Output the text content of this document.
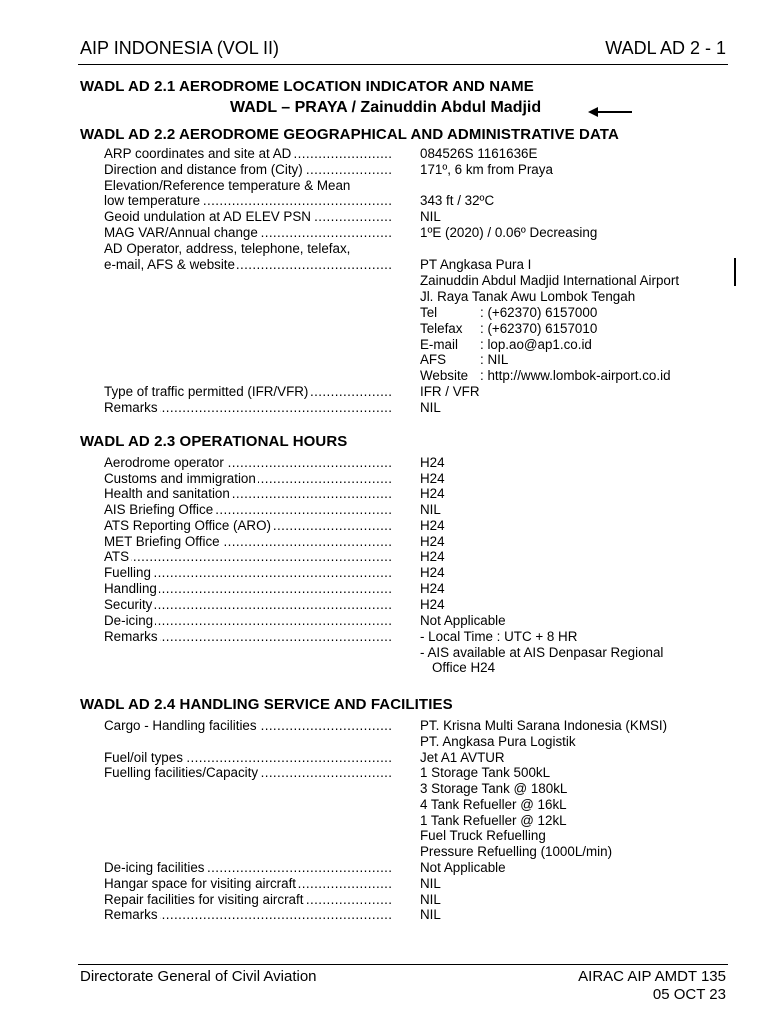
AIP INDONESIA (VOL II)	WADL AD 2 - 1
WADL AD 2.1 AERODROME LOCATION INDICATOR AND NAME
WADL – PRAYA / Zainuddin Abdul Madjid
WADL AD 2.2 AERODROME GEOGRAPHICAL AND ADMINISTRATIVE DATA
ARP coordinates and site at AD .....	084526S 1161636E
Direction and distance from (City) .....	171º, 6 km from Praya
Elevation/Reference temperature & Mean
low temperature .....	343 ft / 32ºC
Geoid undulation at AD ELEV PSN .....	NIL
MAG VAR/Annual change .....	1ºE (2020) / 0.06º Decreasing
AD Operator, address, telephone, telefax,
e-mail, AFS & website .....	PT Angkasa Pura I
Zainuddin Abdul Madjid International Airport
Jl. Raya Tanak Awu Lombok Tengah
Tel	: (+62370) 6157000
Telefax : (+62370) 6157010
E-mail : lop.ao@ap1.co.id
AFS	: NIL
Website : http://www.lombok-airport.co.id
Type of traffic permitted (IFR/VFR) .....	IFR / VFR
Remarks .....	NIL
WADL AD 2.3 OPERATIONAL HOURS
Aerodrome operator .....	H24
Customs and immigration .....	H24
Health and sanitation .....	H24
AIS Briefing Office .....	NIL
ATS Reporting Office (ARO) .....	H24
MET Briefing Office .....	H24
ATS .....	H24
Fuelling .....	H24
Handling .....	H24
Security .....	H24
De-icing .....	Not Applicable
Remarks .....	- Local Time : UTC + 8 HR
- AIS available at AIS Denpasar Regional
Office H24
WADL AD 2.4 HANDLING SERVICE AND FACILITIES
Cargo - Handling facilities .....	PT. Krisna Multi Sarana Indonesia (KMSI)
PT. Angkasa Pura Logistik
Fuel/oil types .....	Jet A1 AVTUR
Fuelling facilities/Capacity .....	1 Storage Tank 500kL
3 Storage Tank @ 180kL
4 Tank Refueller @ 16kL
1 Tank Refueller @ 12kL
Fuel Truck Refuelling
Pressure Refuelling (1000L/min)
De-icing facilities .....	Not Applicable
Hangar space for visiting aircraft .....	NIL
Repair facilities for visiting aircraft .....	NIL
Remarks .....	NIL
Directorate General of Civil Aviation	AIRAC AIP AMDT 135
05 OCT 23
